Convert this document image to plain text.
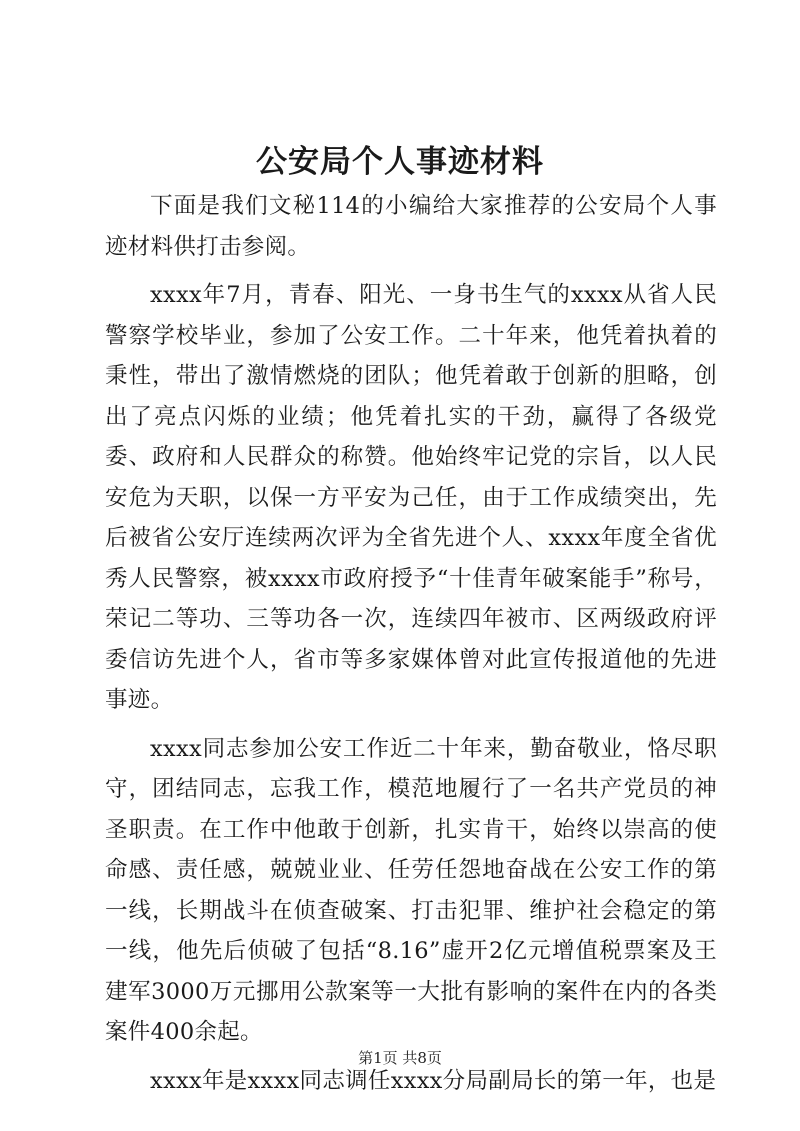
公安局个人事迹材料

下面是我们文秘114的小编给大家推荐的公安局个人事迹材料供打击参阅。

xxxx年7月，青春、阳光、一身书生气的xxxx从省人民警察学校毕业，参加了公安工作。二十年来，他凭着执着的秉性，带出了激情燃烧的团队；他凭着敢于创新的胆略，创出了亮点闪烁的业绩；他凭着扎实的干劲，赢得了各级党委、政府和人民群众的称赞。他始终牢记党的宗旨，以人民安危为天职，以保一方平安为己任，由于工作成绩突出，先后被省公安厅连续两次评为全省先进个人、xxxx年度全省优秀人民警察，被xxxx市政府授予“十佳青年破案能手”称号，荣记二等功、三等功各一次，连续四年被市、区两级政府评委信访先进个人，省市等多家媒体曾对此宣传报道他的先进事迹。

xxxx同志参加公安工作近二十年来，勤奋敬业，恪尽职守，团结同志，忘我工作，模范地履行了一名共产党员的神圣职责。在工作中他敢于创新，扎实肯干，始终以崇高的使命感、责任感，兢兢业业、任劳任怨地奋战在公安工作的第一线，长期战斗在侦查破案、打击犯罪、维护社会稳定的第一线，他先后侦破了包括“8.16”虚开2亿元增值税票案及王建军3000万元挪用公款案等一大批有影响的案件在内的各类案件400余起。

xxxx年是xxxx同志调任xxxx分局副局长的第一年，也是

第1页 共8页
